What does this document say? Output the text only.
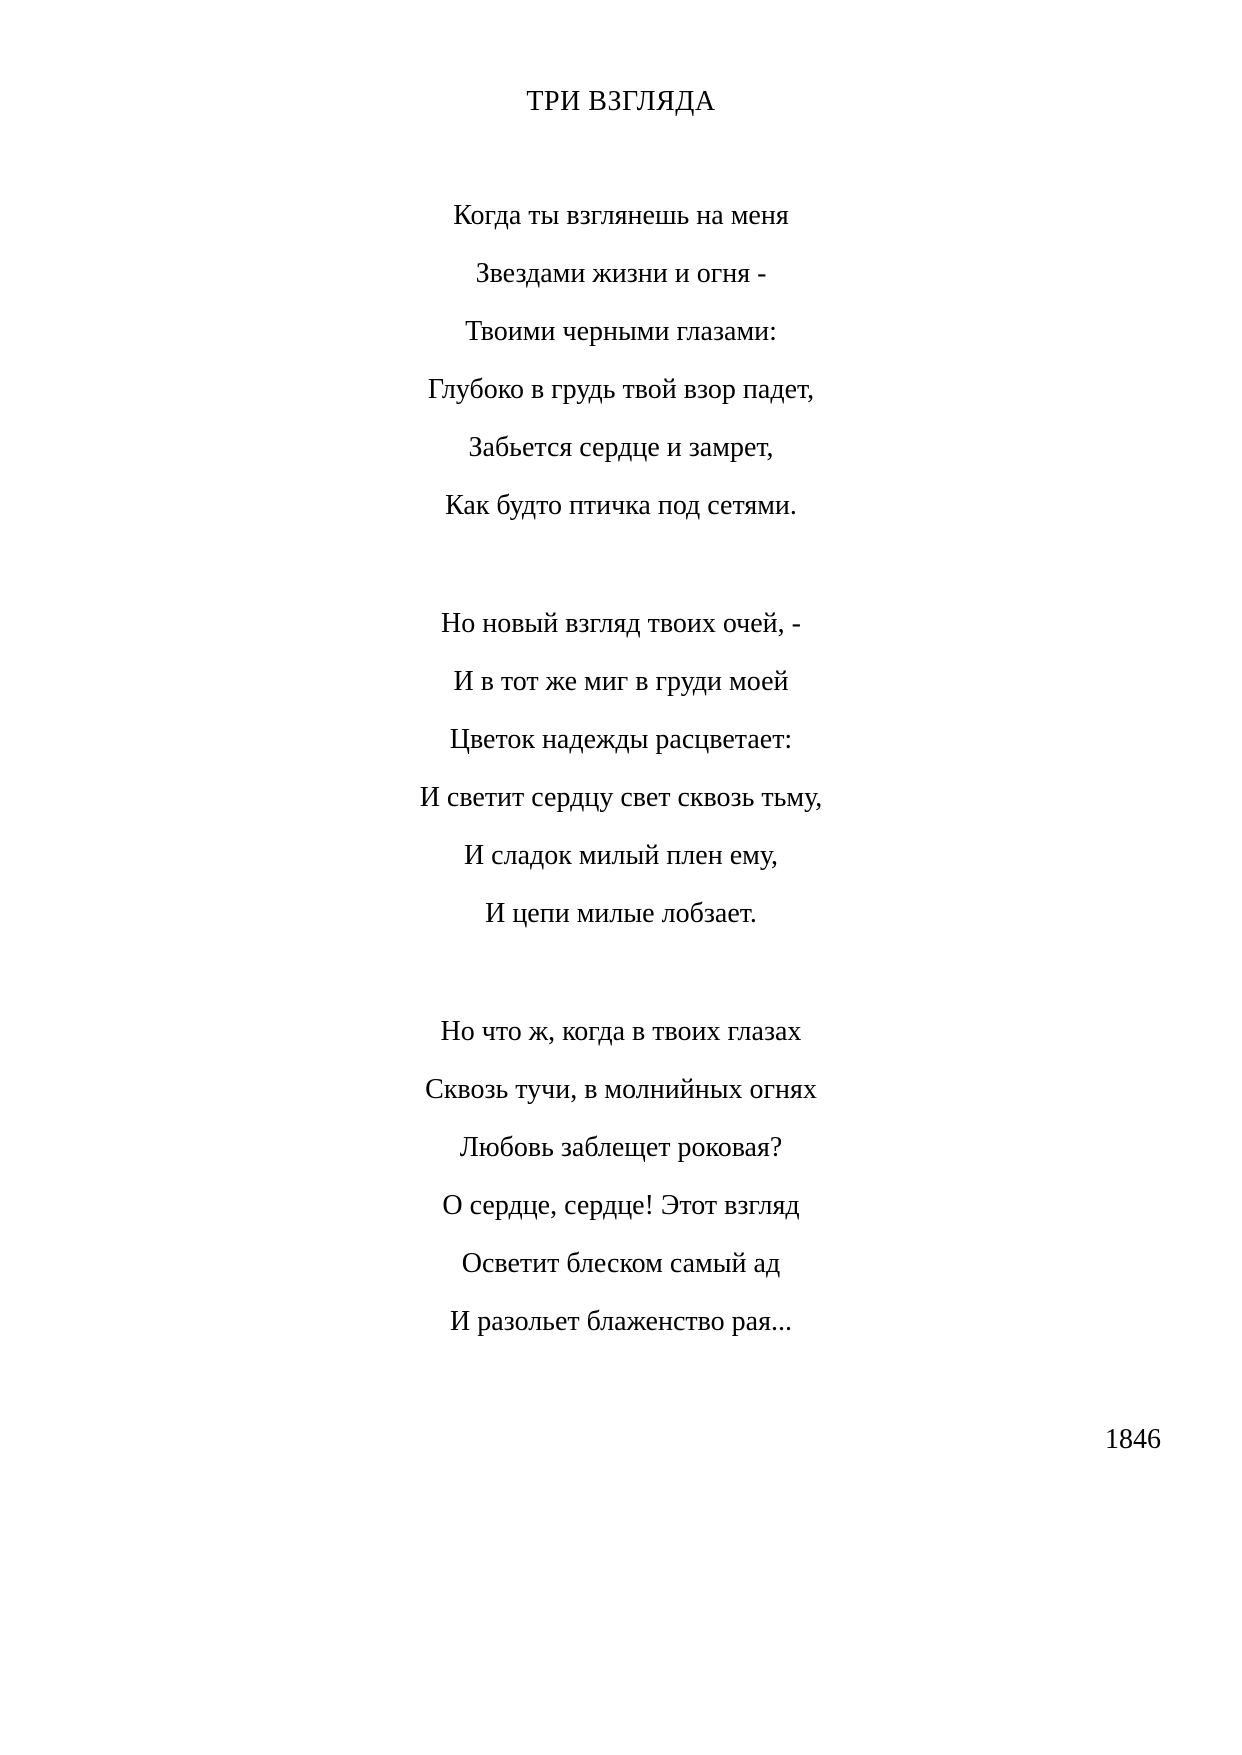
ТРИ ВЗГЛЯДА
Когда ты взглянешь на меня
Звездами жизни и огня -
Твоими черными глазами:
Глубоко в грудь твой взор падет,
Забьется сердце и замрет,
Как будто птичка под сетями.
Но новый взгляд твоих очей, -
И в тот же миг в груди моей
Цветок надежды расцветает:
И светит сердцу свет сквозь тьму,
И сладок милый плен ему,
И цепи милые лобзает.
Но что ж, когда в твоих глазах
Сквозь тучи, в молнийных огнях
Любовь заблещет роковая?
О сердце, сердце! Этот взгляд
Осветит блеском самый ад
И разольет блаженство рая...
1846
